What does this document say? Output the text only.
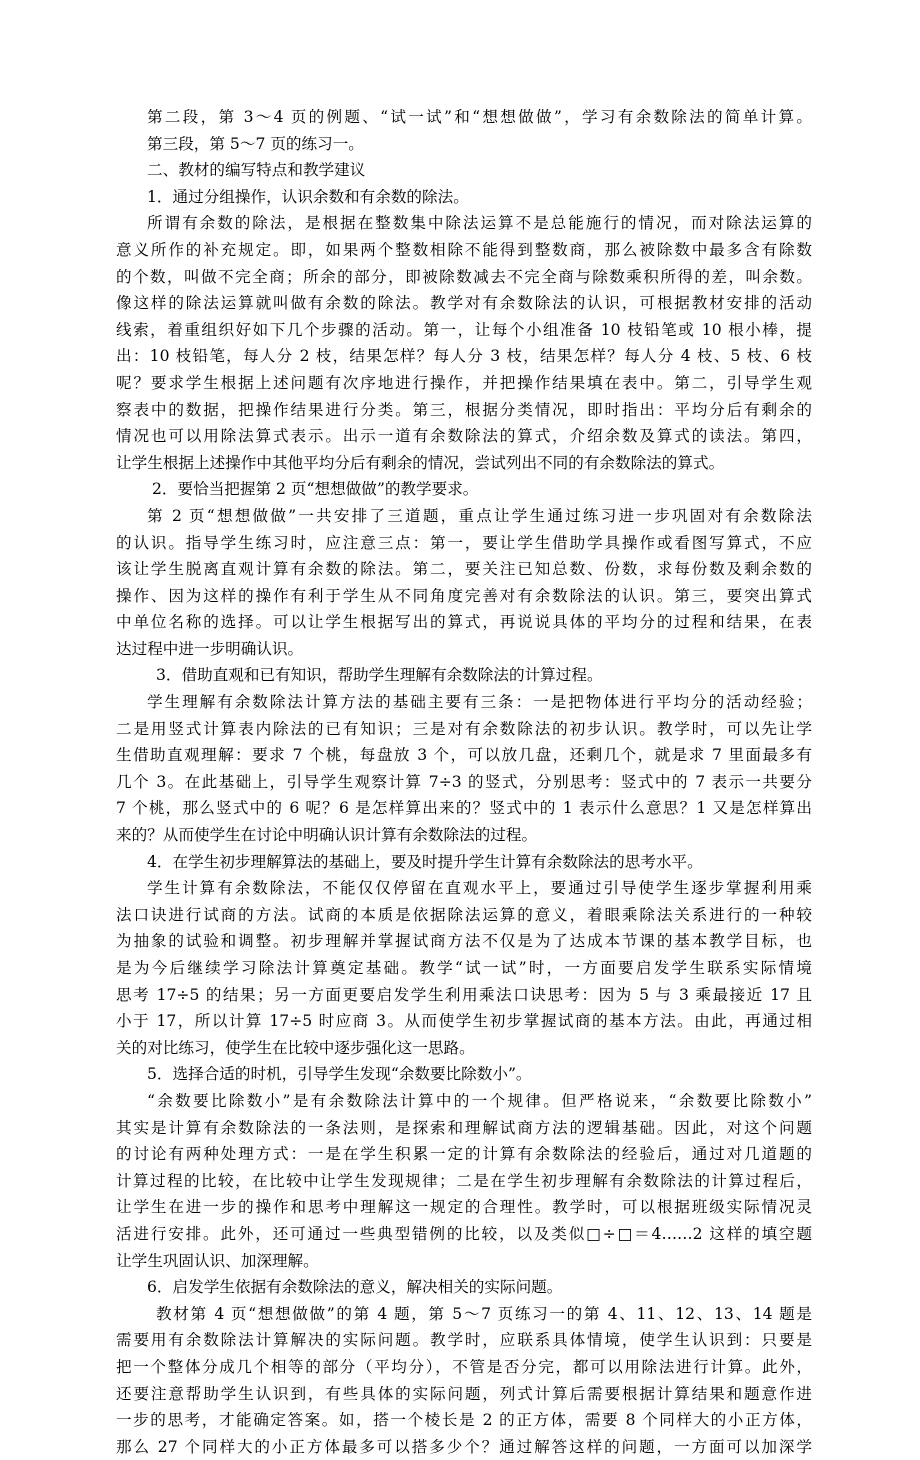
第二段，第 3～4 页的例题、“试一试”和“想想做做”，学习有余数除法的简单计算。
第三段，第 5～7 页的练习一。
二、教材的编写特点和教学建议
1．通过分组操作，认识余数和有余数的除法。
所谓有余数的除法，是根据在整数集中除法运算不是总能施行的情况，而对除法运算的
意义所作的补充规定。即，如果两个整数相除不能得到整数商，那么被除数中最多含有除数
的个数，叫做不完全商；所余的部分，即被除数减去不完全商与除数乘积所得的差，叫余数。
像这样的除法运算就叫做有余数的除法。教学对有余数除法的认识，可根据教材安排的活动
线索，着重组织好如下几个步骤的活动。第一，让每个小组准备 10 枝铅笔或 10 根小棒，提
出：10 枝铅笔，每人分 2 枝，结果怎样？每人分 3 枝，结果怎样？每人分 4 枝、5 枝、6 枝
呢？要求学生根据上述问题有次序地进行操作，并把操作结果填在表中。第二，引导学生观
察表中的数据，把操作结果进行分类。第三，根据分类情况，即时指出：平均分后有剩余的
情况也可以用除法算式表示。出示一道有余数除法的算式，介绍余数及算式的读法。第四，
让学生根据上述操作中其他平均分后有剩余的情况，尝试列出不同的有余数除法的算式。
2．要恰当把握第 2 页“想想做做”的教学要求。
第 2 页“想想做做”一共安排了三道题，重点让学生通过练习进一步巩固对有余数除法
的认识。指导学生练习时，应注意三点：第一，要让学生借助学具操作或看图写算式，不应
该让学生脱离直观计算有余数的除法。第二，要关注已知总数、份数，求每份数及剩余数的
操作、因为这样的操作有利于学生从不同角度完善对有余数除法的认识。第三，要突出算式
中单位名称的选择。可以让学生根据写出的算式，再说说具体的平均分的过程和结果，在表
达过程中进一步明确认识。
3．借助直观和已有知识，帮助学生理解有余数除法的计算过程。
学生理解有余数除法计算方法的基础主要有三条：一是把物体进行平均分的活动经验；
二是用竖式计算表内除法的已有知识；三是对有余数除法的初步认识。教学时，可以先让学
生借助直观理解：要求 7 个桃，每盘放 3 个，可以放几盘，还剩几个，就是求 7 里面最多有
几个 3。在此基础上，引导学生观察计算 7÷3 的竖式，分别思考：竖式中的 7 表示一共要分
7 个桃，那么竖式中的 6 呢？6 是怎样算出来的？竖式中的 1 表示什么意思？1 又是怎样算出
来的？从而使学生在讨论中明确认识计算有余数除法的过程。
4．在学生初步理解算法的基础上，要及时提升学生计算有余数除法的思考水平。
学生计算有余数除法，不能仅仅停留在直观水平上，要通过引导使学生逐步掌握利用乘
法口诀进行试商的方法。试商的本质是依据除法运算的意义，着眼乘除法关系进行的一种较
为抽象的试验和调整。初步理解并掌握试商方法不仅是为了达成本节课的基本教学目标，也
是为今后继续学习除法计算奠定基础。教学“试一试”时，一方面要启发学生联系实际情境
思考 17÷5 的结果；另一方面更要启发学生利用乘法口诀思考：因为 5 与 3 乘最接近 17 且
小于 17，所以计算 17÷5 时应商 3。从而使学生初步掌握试商的基本方法。由此，再通过相
关的对比练习，使学生在比较中逐步强化这一思路。
5．选择合适的时机，引导学生发现“余数要比除数小”。
“余数要比除数小”是有余数除法计算中的一个规律。但严格说来，“余数要比除数小”
其实是计算有余数除法的一条法则，是探索和理解试商方法的逻辑基础。因此，对这个问题
的讨论有两种处理方式：一是在学生积累一定的计算有余数除法的经验后，通过对几道题的
计算过程的比较，在比较中让学生发现规律；二是在学生初步理解有余数除法的计算过程后，
让学生在进一步的操作和思考中理解这一规定的合理性。教学时，可以根据班级实际情况灵
活进行安排。此外，还可通过一些典型错例的比较，以及类似□÷□＝4……2 这样的填空题
让学生巩固认识、加深理解。
6．启发学生依据有余数除法的意义，解决相关的实际问题。
教材第 4 页“想想做做”的第 4 题，第 5～7 页练习一的第 4、11、12、13、14 题是
需要用有余数除法计算解决的实际问题。教学时，应联系具体情境，使学生认识到：只要是
把一个整体分成几个相等的部分（平均分），不管是否分完，都可以用除法进行计算。此外，
还要注意帮助学生认识到，有些具体的实际问题，列式计算后需要根据计算结果和题意作进
一步的思考，才能确定答案。如，搭一个棱长是 2 的正方体，需要 8 个同样大的小正方体，
那么 27 个同样大的小正方体最多可以搭多少个？通过解答这样的问题，一方面可以加深学
